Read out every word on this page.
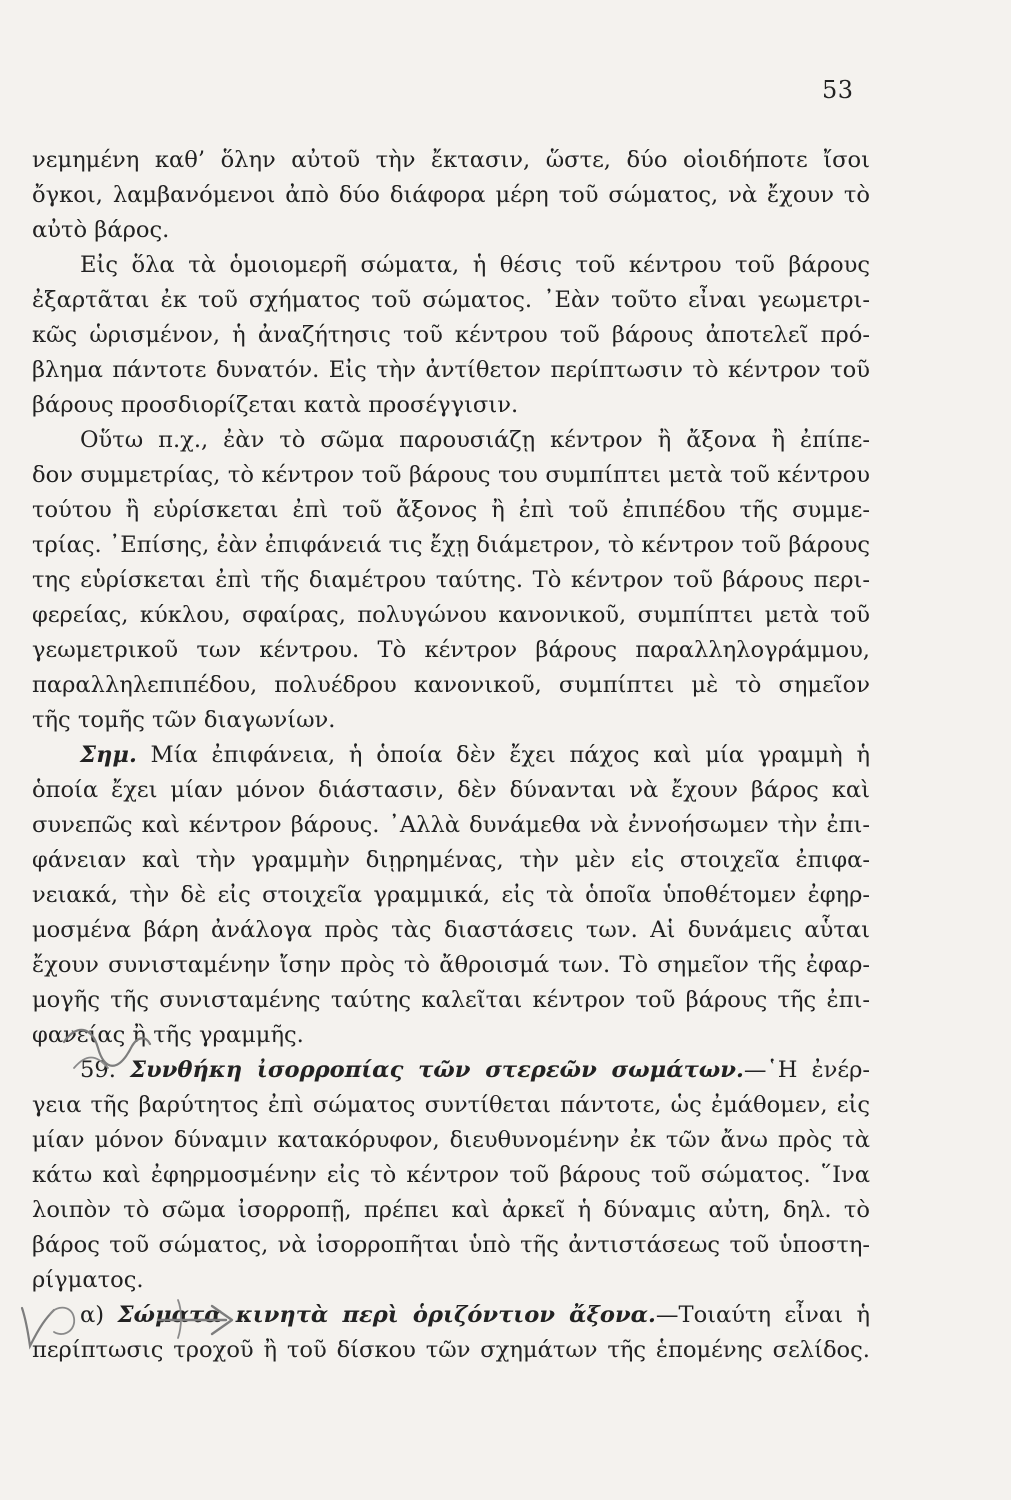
53
νεμημένη καθ’ ὅλην αὐτοῦ τὴν ἔκτασιν, ὥστε, δύο οἱοιδήποτε ἴσοι
ὄγκοι, λαμβανόμενοι ἀπὸ δύο διάφορα μέρη τοῦ σώματος, νὰ ἔχουν τὸ
αὐτὸ βάρος.
Εἰς ὅλα τὰ ὁμοιομερῆ σώματα, ἡ θέσις τοῦ κέντρου τοῦ βάρους
ἐξαρτᾶται ἐκ τοῦ σχήματος τοῦ σώματος. ᾿Εὰν τοῦτο εἶναι γεωμετρι-
κῶς ὡρισμένον, ἡ ἀναζήτησις τοῦ κέντρου τοῦ βάρους ἀποτελεῖ πρό-
βλημα πάντοτε δυνατόν. Εἰς τὴν ἀντίθετον περίπτωσιν τὸ κέντρον τοῦ
βάρους προσδιορίζεται κατὰ προσέγγισιν.
Οὕτω π.χ., ἐὰν τὸ σῶμα παρουσιάζῃ κέντρον ἢ ἄξονα ἢ ἐπίπε-
δον συμμετρίας, τὸ κέντρον τοῦ βάρους του συμπίπτει μετὰ τοῦ κέντρου
τούτου ἢ εὑρίσκεται ἐπὶ τοῦ ἄξονος ἢ ἐπὶ τοῦ ἐπιπέδου τῆς συμμε-
τρίας. ᾿Επίσης, ἐὰν ἐπιφάνειά τις ἔχῃ διάμετρον, τὸ κέντρον τοῦ βάρους
της εὑρίσκεται ἐπὶ τῆς διαμέτρου ταύτης. Τὸ κέντρον τοῦ βάρους περι-
φερείας, κύκλου, σφαίρας, πολυγώνου κανονικοῦ, συμπίπτει μετὰ τοῦ
γεωμετρικοῦ των κέντρου. Τὸ κέντρον βάρους παραλληλογράμμου,
παραλληλεπιπέδου, πολυέδρου κανονικοῦ, συμπίπτει μὲ τὸ σημεῖον
τῆς τομῆς τῶν διαγωνίων.
Σημ. Μία ἐπιφάνεια, ἡ ὁποία δὲν ἔχει πάχος καὶ μία γραμμὴ ἡ
ὁποία ἔχει μίαν μόνον διάστασιν, δὲν δύνανται νὰ ἔχουν βάρος καὶ
συνεπῶς καὶ κέντρον βάρους. ᾿Αλλὰ δυνάμεθα νὰ ἐννοήσωμεν τὴν ἐπι-
φάνειαν καὶ τὴν γραμμὴν διῃρημένας, τὴν μὲν εἰς στοιχεῖα ἐπιφα-
νειακά, τὴν δὲ εἰς στοιχεῖα γραμμικά, εἰς τὰ ὁποῖα ὑποθέτομεν ἐφηρ-
μοσμένα βάρη ἀνάλογα πρὸς τὰς διαστάσεις των. Αἱ δυνάμεις αὗται
ἔχουν συνισταμένην ἴσην πρὸς τὸ ἄθροισμά των. Τὸ σημεῖον τῆς ἐφαρ-
μογῆς τῆς συνισταμένης ταύτης καλεῖται κέντρον τοῦ βάρους τῆς ἐπι-
φανείας ἢ τῆς γραμμῆς.
59. Συνθήκη ἰσορροπίας τῶν στερεῶν σωμάτων.—῾Η ἐνέρ-
γεια τῆς βαρύτητος ἐπὶ σώματος συντίθεται πάντοτε, ὡς ἐμάθομεν, εἰς
μίαν μόνον δύναμιν κατακόρυφον, διευθυνομένην ἐκ τῶν ἄνω πρὸς τὰ
κάτω καὶ ἐφηρμοσμένην εἰς τὸ κέντρον τοῦ βάρους τοῦ σώματος. ῞Ινα
λοιπὸν τὸ σῶμα ἰσορροπῇ, πρέπει καὶ ἀρκεῖ ἡ δύναμις αὐτη, δηλ. τὸ
βάρος τοῦ σώματος, νὰ ἰσορροπῆται ὑπὸ τῆς ἀντιστάσεως τοῦ ὑποστη-
ρίγματος.
α) Σώματα κινητὰ περὶ ὁριζόντιον ἄξονα.—Τοιαύτη εἶναι ἡ
περίπτωσις τροχοῦ ἢ τοῦ δίσκου τῶν σχημάτων τῆς ἑπομένης σελίδος.
